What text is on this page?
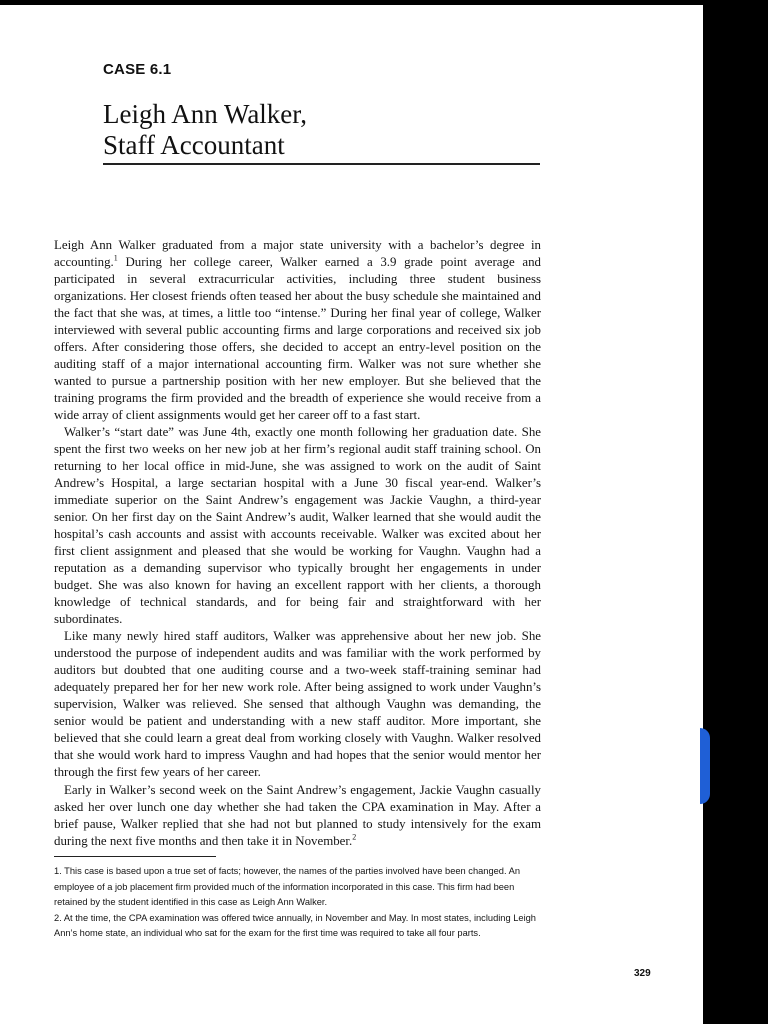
CASE 6.1
Leigh Ann Walker,
Staff Accountant

Leigh Ann Walker graduated from a major state university with a bachelor’s degree in accounting.$^1$ During her college career, Walker earned a 3.9 grade point average and participated in several extracurricular activities, including three student business organizations. Her closest friends often teased her about the busy schedule she maintained and the fact that she was, at times, a little too “intense.” During her final year of college, Walker interviewed with several public accounting firms and large corporations and received six job offers. After considering those offers, she decided to accept an entry-level position on the auditing staff of a major international accounting firm. Walker was not sure whether she wanted to pursue a partnership position with her new employer. But she believed that the training programs the firm provided and the breadth of experience she would receive from a wide array of client assignments would get her career off to a fast start.

Walker’s “start date” was June 4th, exactly one month following her graduation date. She spent the first two weeks on her new job at her firm’s regional audit staff training school. On returning to her local office in mid-June, she was assigned to work on the audit of Saint Andrew’s Hospital, a large sectarian hospital with a June 30 fiscal year-end. Walker’s immediate superior on the Saint Andrew’s engagement was Jackie Vaughn, a third-year senior. On her first day on the Saint Andrew’s audit, Walker learned that she would audit the hospital’s cash accounts and assist with accounts receivable. Walker was excited about her first client assignment and pleased that she would be working for Vaughn. Vaughn had a reputation as a demanding supervisor who typically brought her engagements in under budget. She was also known for having an excellent rapport with her clients, a thorough knowledge of technical standards, and for being fair and straightforward with her subordinates.

Like many newly hired staff auditors, Walker was apprehensive about her new job. She understood the purpose of independent audits and was familiar with the work performed by auditors but doubted that one auditing course and a two-week staff-training seminar had adequately prepared her for her new work role. After being assigned to work under Vaughn’s supervision, Walker was relieved. She sensed that although Vaughn was demanding, the senior would be patient and understanding with a new staff auditor. More important, she believed that she could learn a great deal from working closely with Vaughn. Walker resolved that she would work hard to impress Vaughn and had hopes that the senior would mentor her through the first few years of her career.

Early in Walker’s second week on the Saint Andrew’s engagement, Jackie Vaughn casually asked her over lunch one day whether she had taken the CPA examination in May. After a brief pause, Walker replied that she had not but planned to study intensively for the exam during the next five months and then take it in November.$^2$

1. This case is based upon a true set of facts; however, the names of the parties involved have been changed. An employee of a job placement firm provided much of the information incorporated in this case. This firm had been retained by the student identified in this case as Leigh Ann Walker.

2. At the time, the CPA examination was offered twice annually, in November and May. In most states, including Leigh Ann’s home state, an individual who sat for the exam for the first time was required to take all four parts.

329
